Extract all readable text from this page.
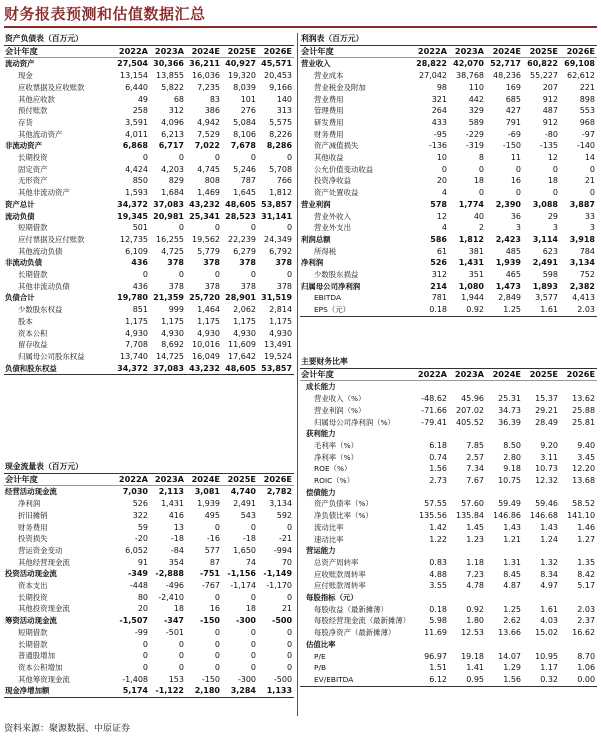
财务报表预测和估值数据汇总
资产负债表（百万元）					
会计年度	2022A	2023A	2024E	2025E	2026E
流动资产	27,504	30,366	36,211	40,927	45,571
现金	13,154	13,855	16,036	19,320	20,453
应收票据及应收账款	6,440	5,822	7,235	8,039	9,166
其他应收款	49	68	83	101	140
预付账款	258	312	386	276	313
存货	3,591	4,096	4,942	5,084	5,575
其他流动资产	4,011	6,213	7,529	8,106	8,226
非流动资产	6,868	6,717	7,022	7,678	8,286
长期投资	0	0	0	0	0
固定资产	4,424	4,203	4,745	5,246	5,708
无形资产	850	829	808	787	766
其他非流动资产	1,593	1,684	1,469	1,645	1,812
资产总计	34,372	37,083	43,232	48,605	53,857
流动负债	19,345	20,981	25,341	28,523	31,141
短期借款	501	0	0	0	0
应付票据及应付账款	12,735	16,255	19,562	22,239	24,349
其他流动负债	6,109	4,725	5,779	6,279	6,792
非流动负债	436	378	378	378	378
长期借款	0	0	0	0	0
其他非流动负债	436	378	378	378	378
负债合计	19,780	21,359	25,720	28,901	31,519
少数股东权益	851	999	1,464	2,062	2,814
股本	1,175	1,175	1,175	1,175	1,175
资本公积	4,930	4,930	4,930	4,930	4,930
留存收益	7,708	8,692	10,016	11,609	13,491
归属母公司股东权益	13,740	14,725	16,049	17,642	19,524
负债和股东权益	34,372	37,083	43,232	48,605	53,857
现金流量表（百万元）					
会计年度	2022A	2023A	2024E	2025E	2026E
经营活动现金流	7,030	2,113	3,081	4,740	2,782
净利润	526	1,431	1,939	2,491	3,134
折旧摊销	322	416	495	543	592
财务费用	59	13	0	0	0
投资损失	-20	-18	-16	-18	-21
营运资金变动	6,052	-84	577	1,650	-994
其他经营现金流	91	354	87	74	70
投资活动现金流	-349	-2,888	-751	-1,156	-1,149
资本支出	-448	-496	-767	-1,174	-1,170
长期投资	80	-2,410	0	0	0
其他投资现金流	20	18	16	18	21
筹资活动现金流	-1,507	-347	-150	-300	-500
短期借款	-99	-501	0	0	0
长期借款	0	0	0	0	0
普通股增加	0	0	0	0	0
资本公积增加	0	0	0	0	0
其他筹资现金流	-1,408	153	-150	-300	-500
现金净增加额	5,174	-1,122	2,180	3,284	1,133
利润表（百万元）					
会计年度	2022A	2023A	2024E	2025E	2026E
营业收入	28,822	42,070	52,717	60,822	69,108
营业成本	27,042	38,768	48,236	55,227	62,612
营业税金及附加	98	110	169	207	221
营业费用	321	442	685	912	898
管理费用	264	329	427	487	553
研发费用	433	589	791	912	968
财务费用	-95	-229	-69	-80	-97
资产减值损失	-136	-319	-150	-135	-140
其他收益	10	8	11	12	14
公允价值变动收益	0	0	0	0	0
投资净收益	20	18	16	18	21
资产处置收益	4	0	0	0	0
营业利润	578	1,774	2,390	3,088	3,887
营业外收入	12	40	36	29	33
营业外支出	4	2	3	3	3
利润总额	586	1,812	2,423	3,114	3,918
所得税	61	381	485	623	784
净利润	526	1,431	1,939	2,491	3,134
少数股东损益	312	351	465	598	752
归属母公司净利润	214	1,080	1,473	1,893	2,382
EBITDA	781	1,944	2,849	3,577	4,413
EPS（元）	0.18	0.92	1.25	1.61	2.03
主要财务比率					
会计年度	2022A	2023A	2024E	2025E	2026E
成长能力					
营业收入（%）	-48.62	45.96	25.31	15.37	13.62
营业利润（%）	-71.66	207.02	34.73	29.21	25.88
归属母公司净利润（%）	-79.41	405.52	36.39	28.49	25.81
获利能力					
毛利率（%）	6.18	7.85	8.50	9.20	9.40
净利率（%）	0.74	2.57	2.80	3.11	3.45
ROE（%）	1.56	7.34	9.18	10.73	12.20
ROIC（%）	2.73	7.67	10.75	12.32	13.68
偿债能力					
资产负债率（%）	57.55	57.60	59.49	59.46	58.52
净负债比率（%）	135.56	135.84	146.86	146.68	141.10
流动比率	1.42	1.45	1.43	1.43	1.46
速动比率	1.22	1.23	1.21	1.24	1.27
营运能力					
总资产周转率	0.83	1.18	1.31	1.32	1.35
应收账款周转率	4.88	7.23	8.45	8.34	8.42
应付账款周转率	3.55	4.78	4.87	4.97	5.17
每股指标（元）					
每股收益（最新摊薄）	0.18	0.92	1.25	1.61	2.03
每股经营现金流（最新摊薄）	5.98	1.80	2.62	4.03	2.37
每股净资产（最新摊薄）	11.69	12.53	13.66	15.02	16.62
估值比率					
P/E	96.97	19.18	14.07	10.95	8.70
P/B	1.51	1.41	1.29	1.17	1.06
EV/EBITDA	6.12	0.95	1.56	0.32	0.00
资料来源：聚源数据、中原证券
